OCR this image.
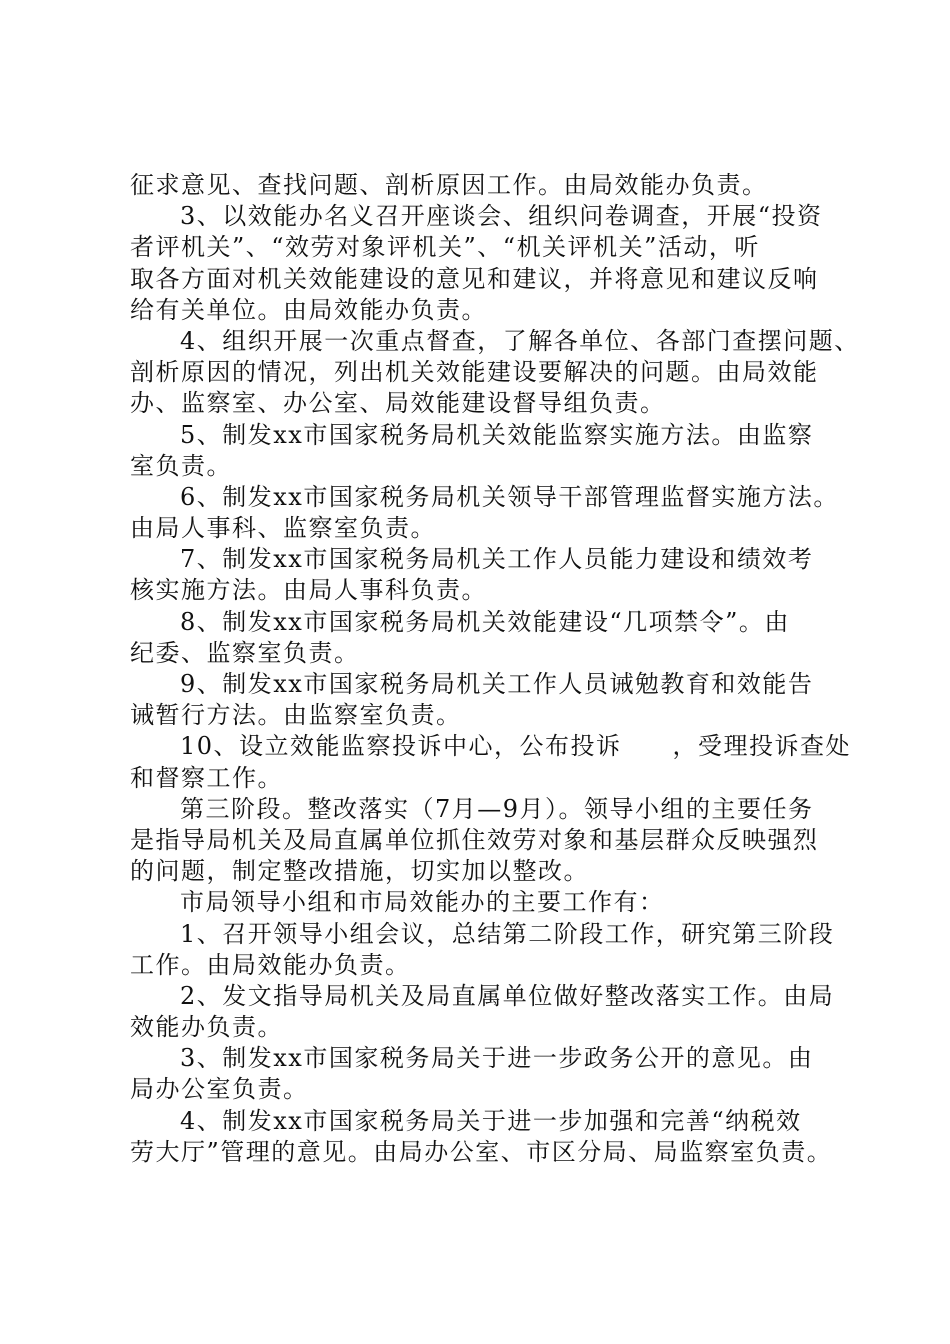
征求意见、查找问题、剖析原因工作。由局效能办负责。
3、以效能办名义召开座谈会、组织问卷调查，开展“投资
者评机关”、“效劳对象评机关”、“机关评机关”活动，听
取各方面对机关效能建设的意见和建议，并将意见和建议反响
给有关单位。由局效能办负责。
4、组织开展一次重点督查，了解各单位、各部门查摆问题、
剖析原因的情况，列出机关效能建设要解决的问题。由局效能
办、监察室、办公室、局效能建设督导组负责。
5、制发xx市国家税务局机关效能监察实施方法。由监察
室负责。
6、制发xx市国家税务局机关领导干部管理监督实施方法。
由局人事科、监察室负责。
7、制发xx市国家税务局机关工作人员能力建设和绩效考
核实施方法。由局人事科负责。
8、制发xx市国家税务局机关效能建设“几项禁令”。由
纪委、监察室负责。
9、制发xx市国家税务局机关工作人员诫勉教育和效能告
诫暂行方法。由监察室负责。
10、设立效能监察投诉中心，公布投诉　　，受理投诉查处
和督察工作。
第三阶段。整改落实（7月—9月）。领导小组的主要任务
是指导局机关及局直属单位抓住效劳对象和基层群众反映强烈
的问题，制定整改措施，切实加以整改。
市局领导小组和市局效能办的主要工作有：
1、召开领导小组会议，总结第二阶段工作，研究第三阶段
工作。由局效能办负责。
2、发文指导局机关及局直属单位做好整改落实工作。由局
效能办负责。
3、制发xx市国家税务局关于进一步政务公开的意见。由
局办公室负责。
4、制发xx市国家税务局关于进一步加强和完善“纳税效
劳大厅”管理的意见。由局办公室、市区分局、局监察室负责。
